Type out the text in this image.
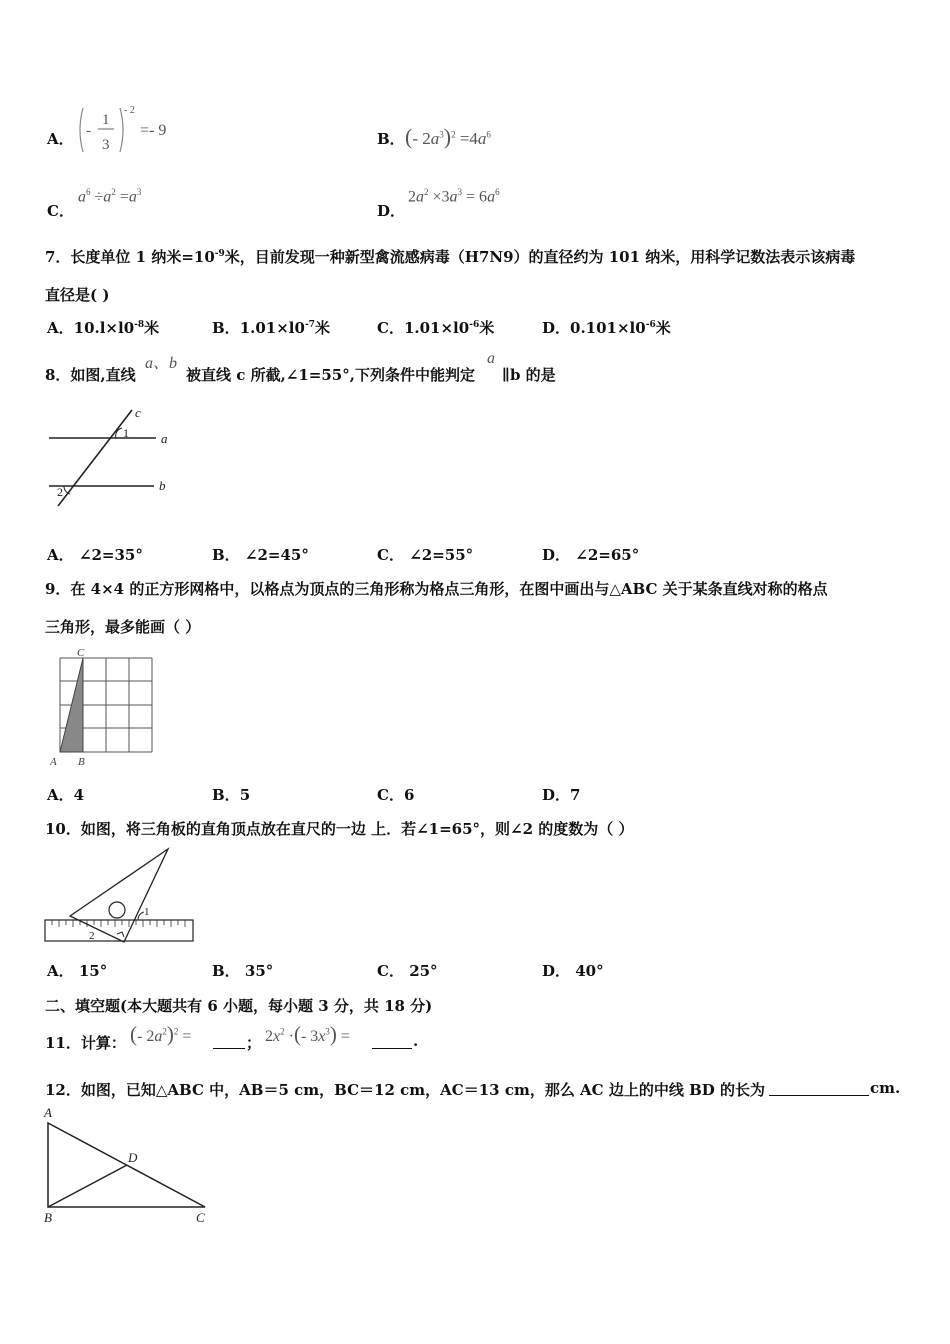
A． -
1
3
- 2
=- 9	B． (- $2a^3)^2 =4a^6$
C．
$a^6 \div a^2 =a^3$
D．
$2a^2 \times 3a^3 = 6a^6$
7．长度单位 1 纳米$=10^{-9}$米，目前发现一种新型禽流感病毒（H7N9）的直径约为 101 纳米，用科学记数法表示该病毒
直径是( )
A．$10.l\times l0^{-8}$米	B．$1.01\times l0^{-7}$米	C．$1.01\times l0^{-6}$米	D．$0.101\times l0^{-6}$米
8．如图,直线
a、b
被直线 c 所截,∠1=55°,下列条件中能判定
a
∥b 的是
c
1 a
2	b
A． ∠2=35°	B． ∠2=45°	C． ∠2=55°	D． ∠2=65°
9．在 4×4 的正方形网格中，以格点为顶点的三角形称为格点三角形，在图中画出与△ABC 关于某条直线对称的格点
三角形，最多能画（ ）
C
A B
A．4	B．5	C．6	D．7
10．如图，将三角板的直角顶点放在直尺的一边 上．若∠1=65°，则∠2 的度数为（ ）
1
2
A． 15°	B． 35°	C． 25°	D． 40°
二、填空题(本大题共有 6 小题，每小题 3 分，共 18 分)
11．计算： (- $2a^2)^2$ =	； $2x^2$ ·(- $3x^3$) =	.
12．如图，已知△ABC 中，AB＝5 cm，BC＝12 cm，AC＝13 cm，那么 AC 边上的中线 BD 的长为	cm.
A
D
B	C
